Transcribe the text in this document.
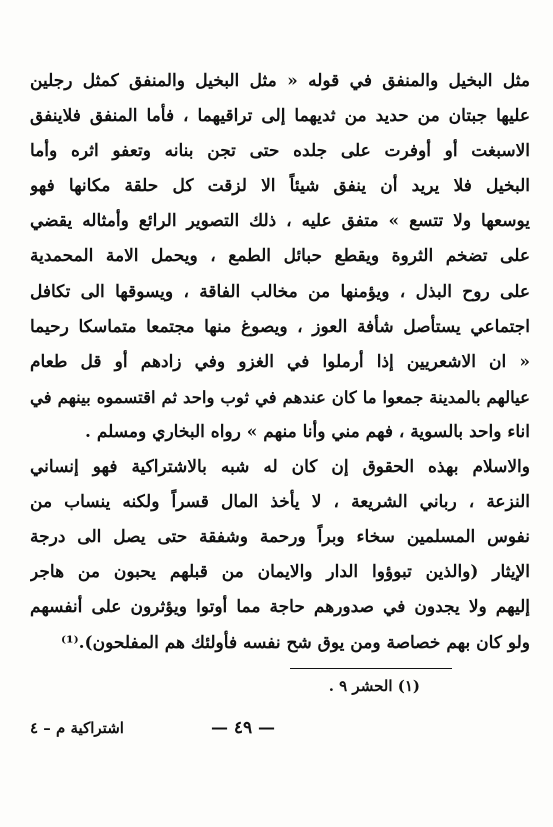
مثل البخيل والمنفق في قوله « مثل البخيل والمنفق كمثل رجلين
عليها جبتان من حديد من ثديهما إلى تراقيهما ، فأما المنفق فلاينفق
الاسبغت أو أوفرت على جلده حتى تجن بنانه وتعفو اثره وأما
البخيل فلا يريد أن ينفق شيئاً الا لزقت كل حلقة مكانها فهو
يوسعها ولا تتسع » متفق عليه ، ذلك التصوير الرائع وأمثاله يقضي
على تضخم الثروة ويقطع حبائل الطمع ، ويحمل الامة المحمدية
على روح البذل ، ويؤمنها من مخالب الفاقة ، ويسوقها الى تكافل
اجتماعي يستأصل شأفة العوز ، ويصوغ منها مجتمعا متماسكا رحيما
« ان الاشعريين إذا أرملوا في الغزو وفي زادهم أو قل طعام
عيالهم بالمدينة جمعوا ما كان عندهم في ثوب واحد ثم اقتسموه بينهم في
اناء واحد بالسوية ، فهم مني وأنا منهم » رواه البخاري ومسلم .
والاسلام بهذه الحقوق إن كان له شبه بالاشتراكية فهو إنساني
النزعة ، رباني الشريعة ، لا يأخذ المال قسراً ولكنه ينساب من
نفوس المسلمين سخاء وبراً ورحمة وشفقة حتى يصل الى درجة
الإيثار (والذين تبوؤوا الدار والايمان من قبلهم يحبون من هاجر
إليهم ولا يجدون في صدورهم حاجة مما أوتوا ويؤثرون على أنفسهم
ولو كان بهم خصاصة ومن يوق شح نفسه فأولئك هم المفلحون).⁽¹⁾
(١) الحشر ٩ .
— ٤٩ —
اشتراكية م – ٤
